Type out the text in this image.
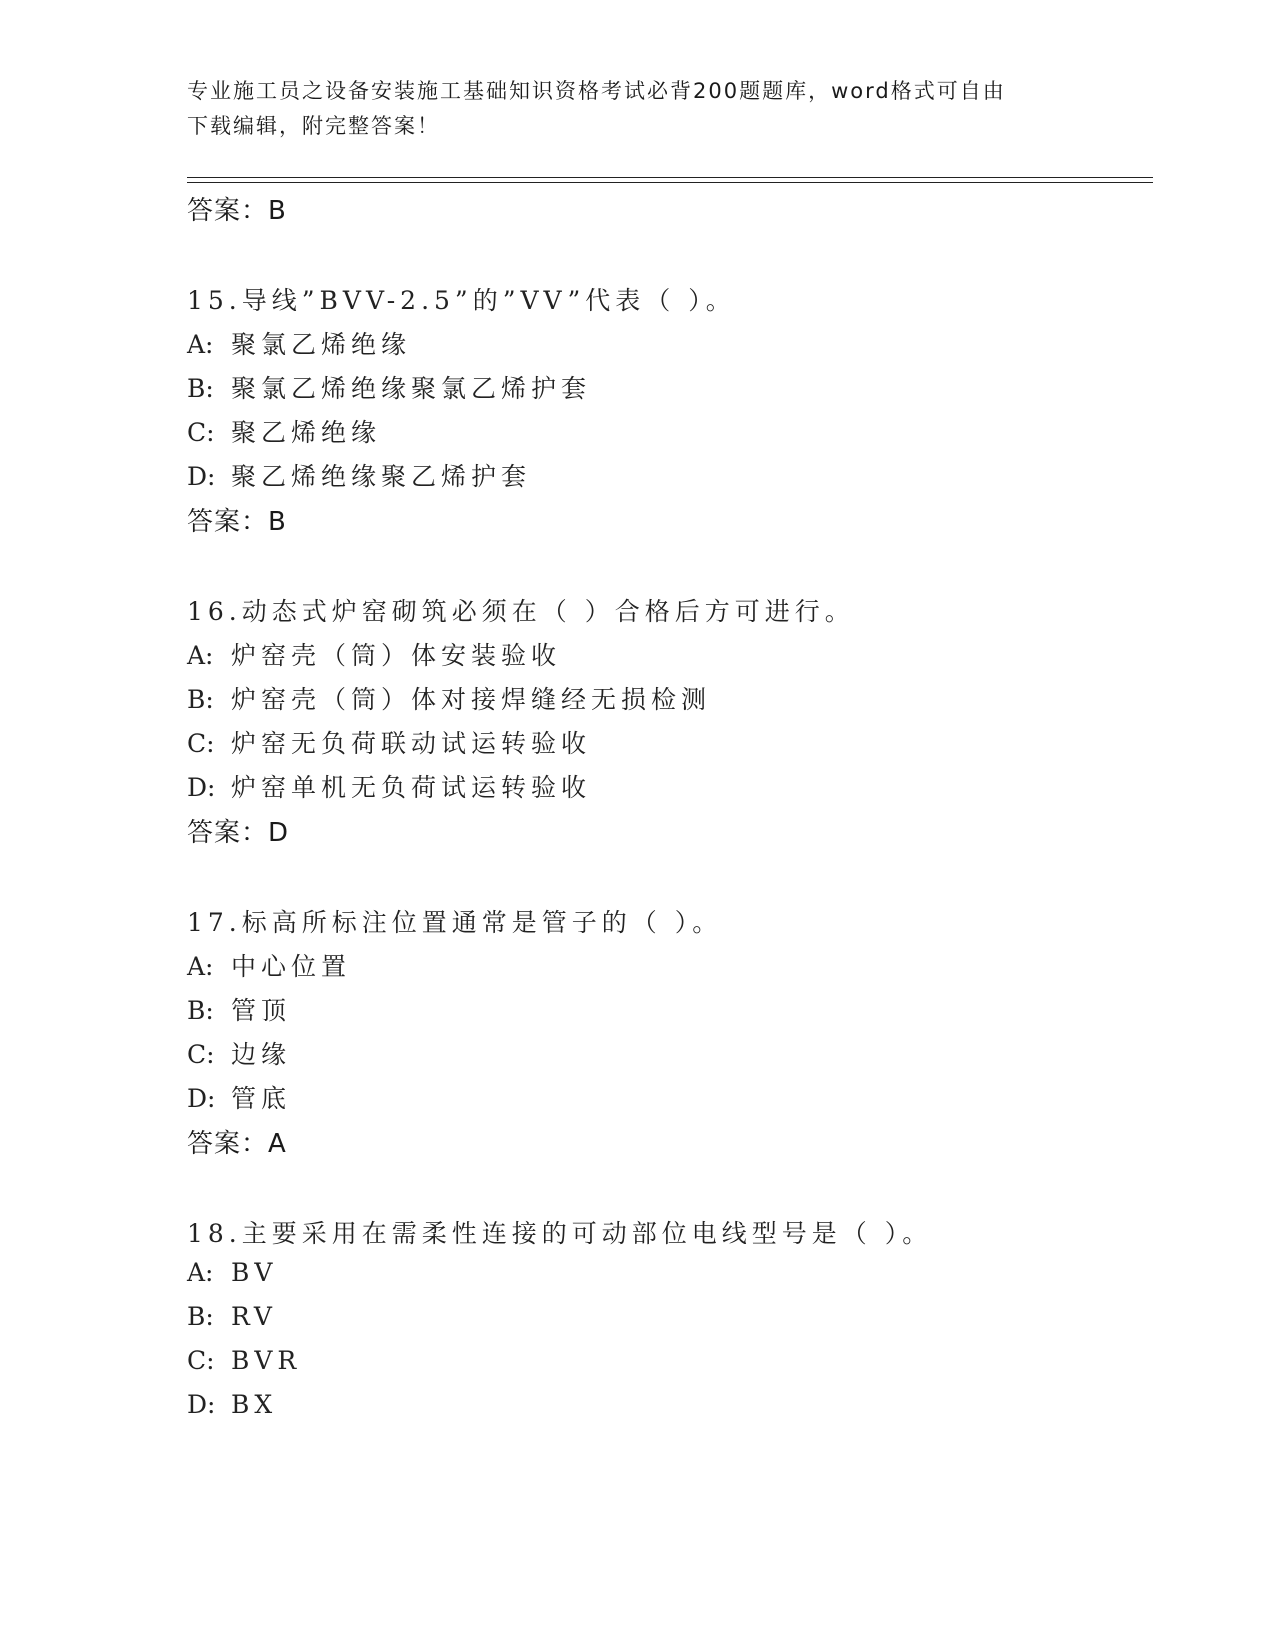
专业施工员之设备安装施工基础知识资格考试必背200题题库，word格式可自由
下载编辑，附完整答案！
答案：B
15.导线”BVV-2.5”的”VV”代表（ ）。
A: 聚氯乙烯绝缘
B: 聚氯乙烯绝缘聚氯乙烯护套
C: 聚乙烯绝缘
D: 聚乙烯绝缘聚乙烯护套
答案：B
16.动态式炉窑砌筑必须在（ ）合格后方可进行。
A: 炉窑壳（筒）体安装验收
B: 炉窑壳（筒）体对接焊缝经无损检测
C: 炉窑无负荷联动试运转验收
D: 炉窑单机无负荷试运转验收
答案：D
17.标高所标注位置通常是管子的（ ）。
A: 中心位置
B: 管顶
C: 边缘
D: 管底
答案：A
18.主要采用在需柔性连接的可动部位电线型号是（ ）。
A: BV
B: RV
C: BVR
D: BX
